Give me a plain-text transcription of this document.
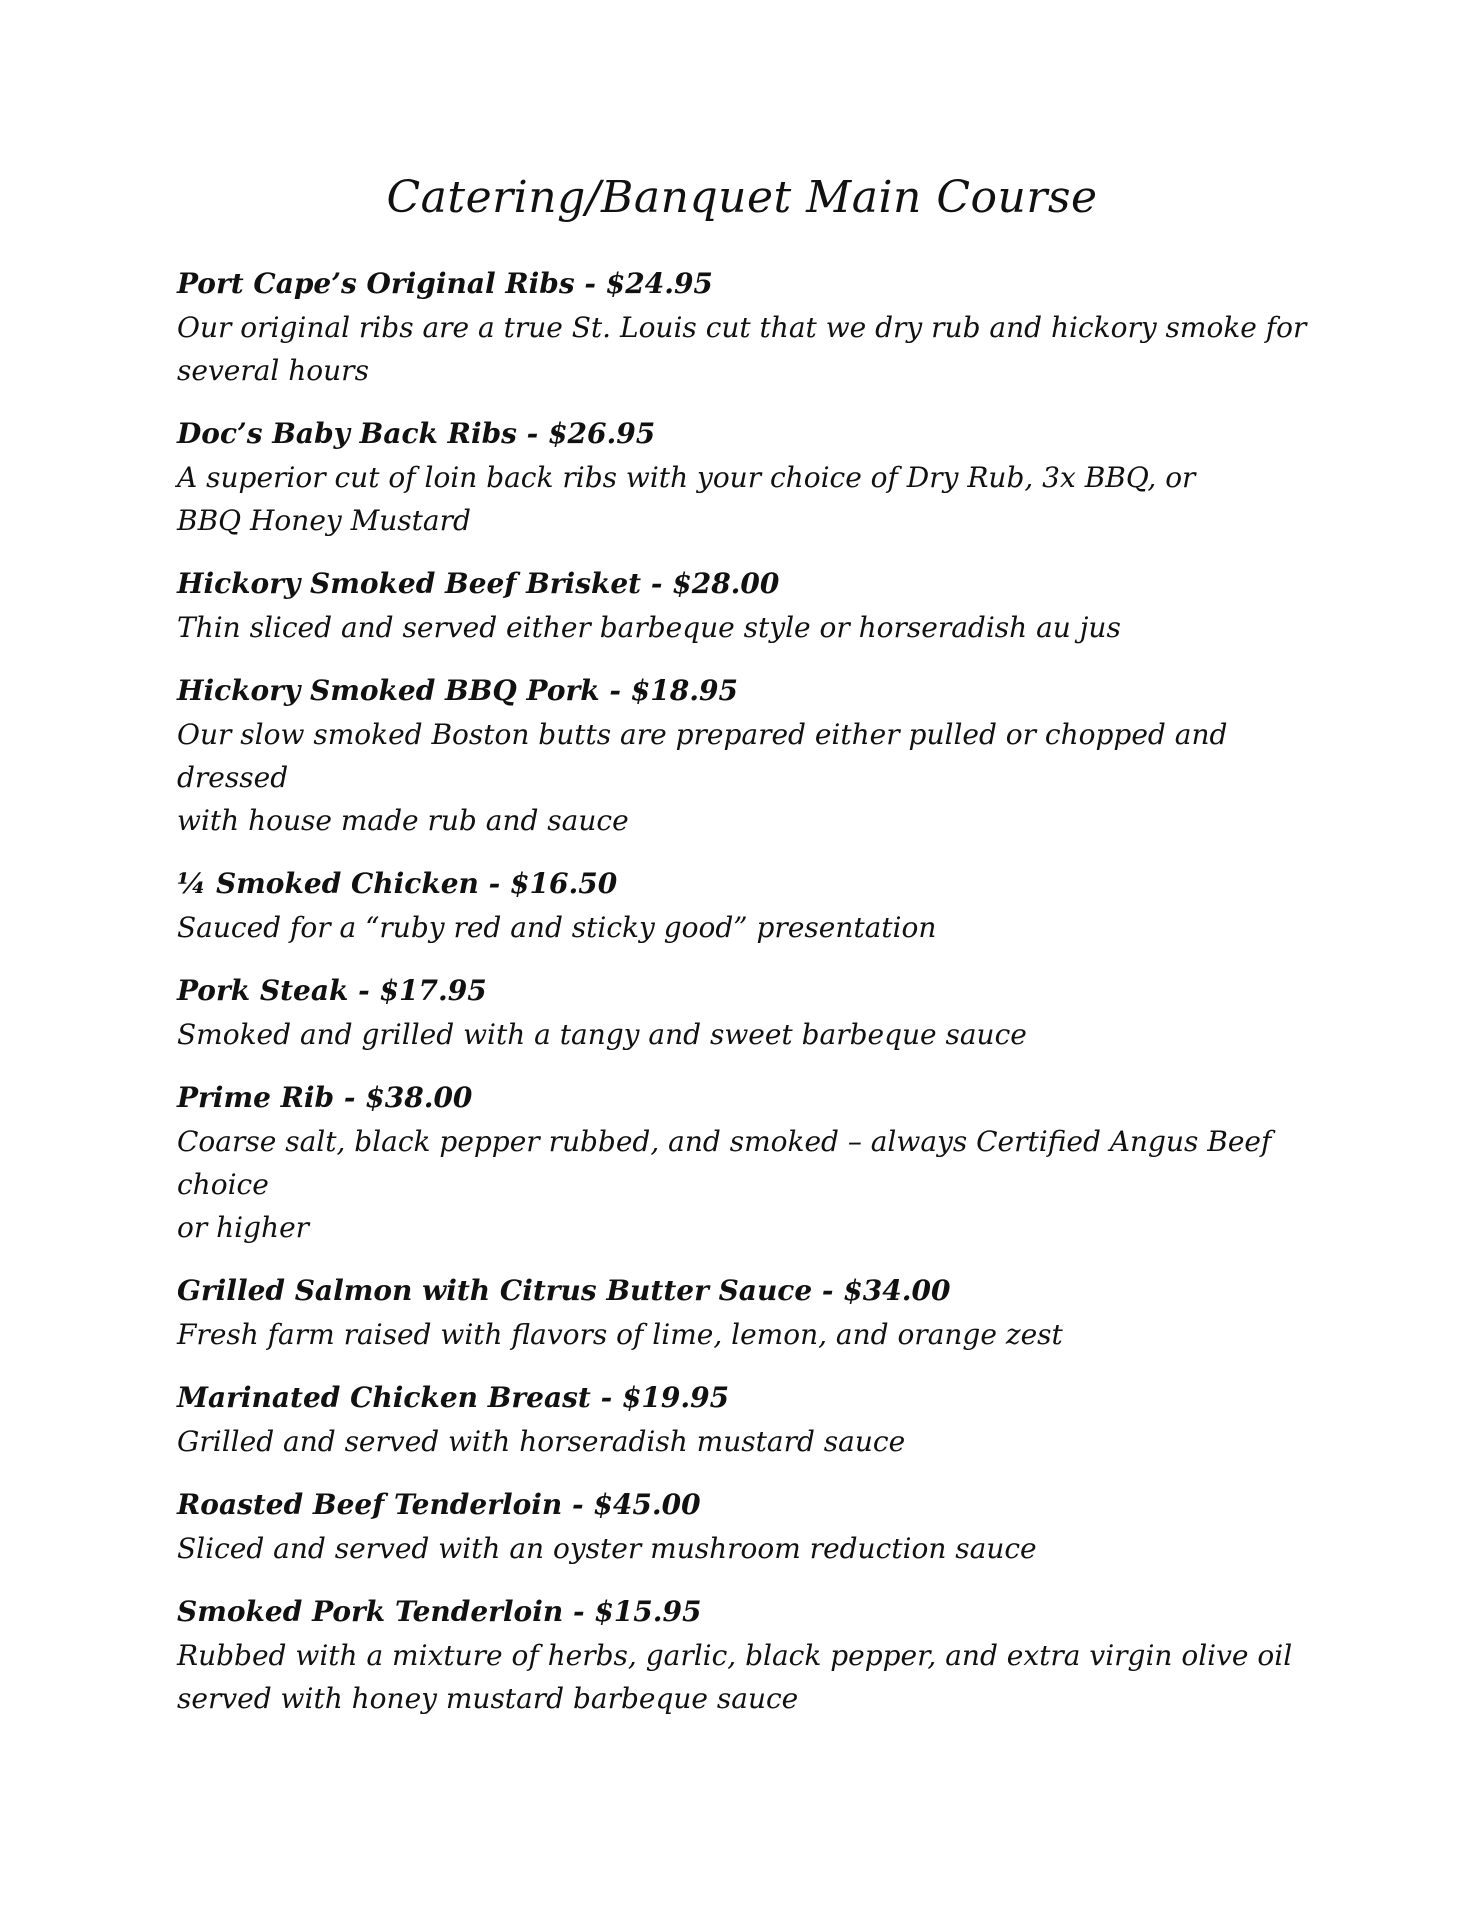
Catering/Banquet Main Course

Port Cape’s Original Ribs - $24.95

Our original ribs are a true St. Louis cut that we dry rub and hickory smoke for
several hours

Doc’s Baby Back Ribs - $26.95

A superior cut of loin back ribs with your choice of Dry Rub, 3x BBQ, or
BBQ Honey Mustard

Hickory Smoked Beef Brisket - $28.00

Thin sliced and served either barbeque style or horseradish au jus

Hickory Smoked BBQ Pork - $18.95

Our slow smoked Boston butts are prepared either pulled or chopped and dressed
with house made rub and sauce

¼ Smoked Chicken - $16.50

Sauced for a “ruby red and sticky good” presentation

Pork Steak - $17.95

Smoked and grilled with a tangy and sweet barbeque sauce

Prime Rib - $38.00

Coarse salt, black pepper rubbed, and smoked – always Certified Angus Beef choice
or higher

Grilled Salmon with Citrus Butter Sauce - $34.00

Fresh farm raised with flavors of lime, lemon, and orange zest

Marinated Chicken Breast - $19.95

Grilled and served with horseradish mustard sauce

Roasted Beef Tenderloin - $45.00

Sliced and served with an oyster mushroom reduction sauce

Smoked Pork Tenderloin - $15.95

Rubbed with a mixture of herbs, garlic, black pepper, and extra virgin olive oil
served with honey mustard barbeque sauce
